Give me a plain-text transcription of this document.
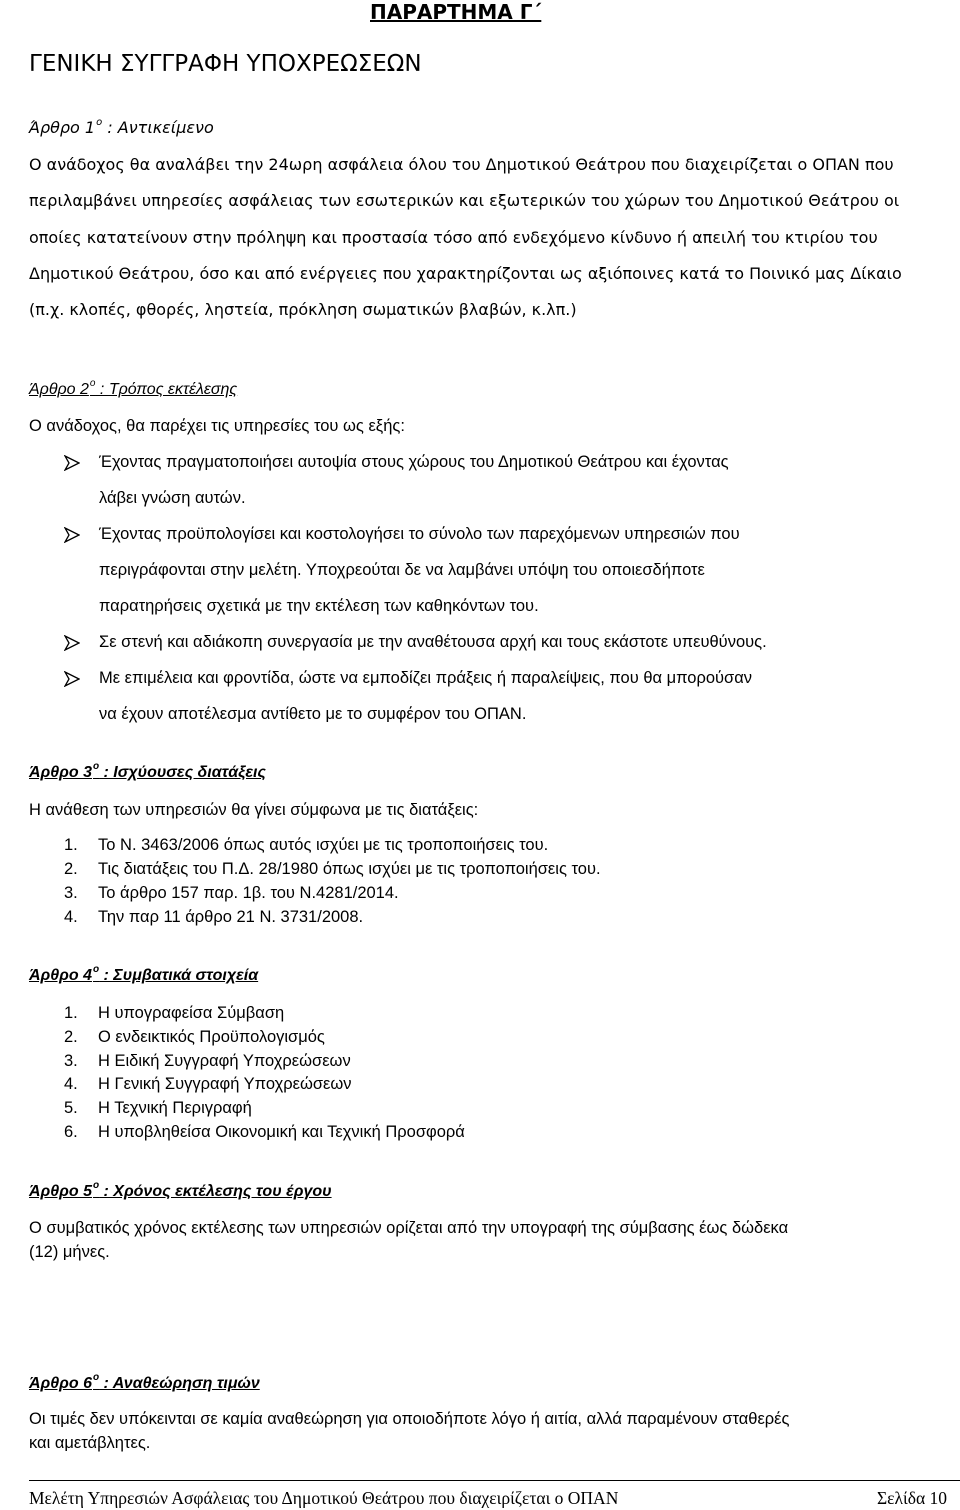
ΠΑΡΑΡΤΗΜΑ Γ΄
ΓΕΝΙΚΗ ΣΥΓΓΡΑΦΗ ΥΠΟΧΡΕΩΣΕΩΝ
Άρθρο $1^o$ : Αντικείμενο
Ο ανάδοχος θα αναλάβει την 24ωρη ασφάλεια όλου του Δημοτικού Θεάτρου που διαχειρίζεται ο ΟΠΑΝ που
περιλαμβάνει υπηρεσίες ασφάλειας των εσωτερικών και εξωτερικών του χώρων του Δημοτικού Θεάτρου οι
οποίες κατατείνουν στην πρόληψη και προστασία τόσο από ενδεχόμενο κίνδυνο ή απειλή του κτιρίου του
Δημοτικού Θεάτρου, όσο και από ενέργειες που χαρακτηρίζονται ως αξιόποινες κατά το Ποινικό μας Δίκαιο
(π.χ. κλοπές, φθορές, ληστεία, πρόκληση σωματικών βλαβών, κ.λπ.)
Άρθρο $2^o$ : Τρόπος εκτέλεσης
Ο ανάδοχος, θα παρέχει τις υπηρεσίες του ως εξής:
Έχοντας πραγματοποιήσει αυτοψία στους χώρους του Δημοτικού Θεάτρου και έχοντας
λάβει γνώση αυτών.
Έχοντας προϋπολογίσει και κοστολογήσει το σύνολο των παρεχόμενων υπηρεσιών που
περιγράφονται στην μελέτη. Υποχρεούται δε να λαμβάνει υπόψη του οποιεσδήποτε
παρατηρήσεις σχετικά με την εκτέλεση των καθηκόντων του.
Σε στενή και αδιάκοπη συνεργασία με την αναθέτουσα αρχή και τους εκάστοτε υπευθύνους.
Με επιμέλεια και φροντίδα, ώστε να εμποδίζει πράξεις ή παραλείψεις, που θα μπορούσαν
να έχουν αποτέλεσμα αντίθετο με το συμφέρον του ΟΠΑΝ.
Άρθρο $3^o$ : Ισχύουσες διατάξεις
Η ανάθεση των υπηρεσιών θα γίνει σύμφωνα με τις διατάξεις:
1. Το Ν. 3463/2006 όπως αυτός ισχύει με τις τροποποιήσεις του.
2. Τις διατάξεις του Π.Δ. 28/1980 όπως ισχύει με τις τροποποιήσεις του.
3. Το άρθρο 157 παρ. 1β. του Ν.4281/2014.
4. Την παρ 11 άρθρο 21 Ν. 3731/2008.
Άρθρο $4^o$ : Συμβατικά στοιχεία
1. Η υπογραφείσα Σύμβαση
2. Ο ενδεικτικός Προϋπολογισμός
3. Η Ειδική Συγγραφή Υποχρεώσεων
4. Η Γενική Συγγραφή Υποχρεώσεων
5. Η Τεχνική Περιγραφή
6. Η υποβληθείσα Οικονομική και Τεχνική Προσφορά
Άρθρο $5^o$ : Χρόνος εκτέλεσης του έργου
Ο συμβατικός χρόνος εκτέλεσης των υπηρεσιών ορίζεται από την υπογραφή της σύμβασης έως δώδεκα
(12) μήνες.
Άρθρο $6^o$ : Αναθεώρηση τιμών
Οι τιμές δεν υπόκεινται σε καμία αναθεώρηση για οποιοδήποτε λόγο ή αιτία, αλλά παραμένουν σταθερές
και αμετάβλητες.
Μελέτη Υπηρεσιών Ασφάλειας του Δημοτικού Θεάτρου που διαχειρίζεται ο ΟΠΑΝ	Σελίδα 10
